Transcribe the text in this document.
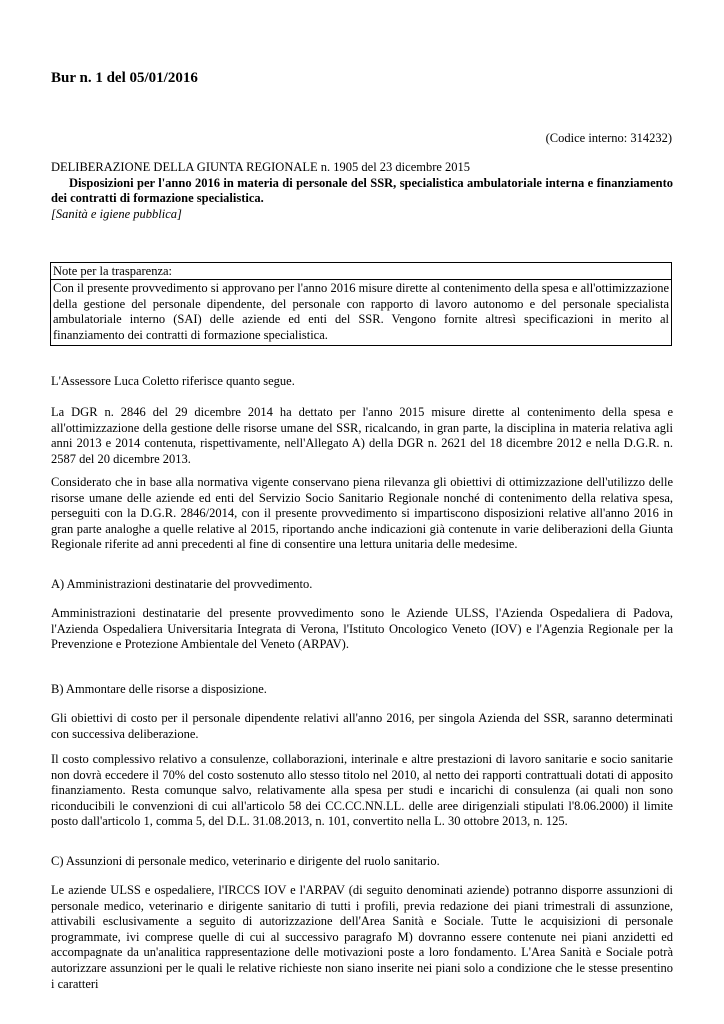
Bur n. 1 del 05/01/2016
(Codice interno: 314232)

DELIBERAZIONE DELLA GIUNTA REGIONALE n. 1905 del 23 dicembre 2015

Disposizioni per l'anno 2016 in materia di personale del SSR, specialistica ambulatoriale interna e finanziamento dei contratti di formazione specialistica.

[Sanità e igiene pubblica]

Note per la trasparenza:
Con il presente provvedimento si approvano per l'anno 2016 misure dirette al contenimento della spesa e all'ottimizzazione della gestione del personale dipendente, del personale con rapporto di lavoro autonomo e del personale specialista ambulatoriale interno (SAI) delle aziende ed enti del SSR. Vengono fornite altresì specificazioni in merito al finanziamento dei contratti di formazione specialistica.

L'Assessore Luca Coletto riferisce quanto segue.

La DGR n. 2846 del 29 dicembre 2014 ha dettato per l'anno 2015 misure dirette al contenimento della spesa e all'ottimizzazione della gestione delle risorse umane del SSR, ricalcando, in gran parte, la disciplina in materia relativa agli anni 2013 e 2014 contenuta, rispettivamente, nell'Allegato A) della DGR n. 2621 del 18 dicembre 2012 e nella D.G.R. n. 2587 del 20 dicembre 2013.

Considerato che in base alla normativa vigente conservano piena rilevanza gli obiettivi di ottimizzazione dell'utilizzo delle risorse umane delle aziende ed enti del Servizio Socio Sanitario Regionale nonché di contenimento della relativa spesa, perseguiti con la D.G.R. 2846/2014, con il presente provvedimento si impartiscono disposizioni relative all'anno 2016 in gran parte analoghe a quelle relative al 2015, riportando anche indicazioni già contenute in varie deliberazioni della Giunta Regionale riferite ad anni precedenti al fine di consentire una lettura unitaria delle medesime.

A) Amministrazioni destinatarie del provvedimento.

Amministrazioni destinatarie del presente provvedimento sono le Aziende ULSS, l'Azienda Ospedaliera di Padova, l'Azienda Ospedaliera Universitaria Integrata di Verona, l'Istituto Oncologico Veneto (IOV) e l'Agenzia Regionale per la Prevenzione e Protezione Ambientale del Veneto (ARPAV).

B) Ammontare delle risorse a disposizione.

Gli obiettivi di costo per il personale dipendente relativi all'anno 2016, per singola Azienda del SSR, saranno determinati con successiva deliberazione.

Il costo complessivo relativo a consulenze, collaborazioni, interinale e altre prestazioni di lavoro sanitarie e socio sanitarie non dovrà eccedere il 70% del costo sostenuto allo stesso titolo nel 2010, al netto dei rapporti contrattuali dotati di apposito finanziamento. Resta comunque salvo, relativamente alla spesa per studi e incarichi di consulenza (ai quali non sono riconducibili le convenzioni di cui all'articolo 58 dei CC.CC.NN.LL. delle aree dirigenziali stipulati l'8.06.2000) il limite posto dall'articolo 1, comma 5, del D.L. 31.08.2013, n. 101, convertito nella L. 30 ottobre 2013, n. 125.

C) Assunzioni di personale medico, veterinario e dirigente del ruolo sanitario.

Le aziende ULSS e ospedaliere, l'IRCCS IOV e l'ARPAV (di seguito denominati aziende) potranno disporre assunzioni di personale medico, veterinario e dirigente sanitario di tutti i profili, previa redazione dei piani trimestrali di assunzione, attivabili esclusivamente a seguito di autorizzazione dell'Area Sanità e Sociale. Tutte le acquisizioni di personale programmate, ivi comprese quelle di cui al successivo paragrafo M) dovranno essere contenute nei piani anzidetti ed accompagnate da un'analitica rappresentazione delle motivazioni poste a loro fondamento. L'Area Sanità e Sociale potrà autorizzare assunzioni per le quali le relative richieste non siano inserite nei piani solo a condizione che le stesse presentino i caratteri
